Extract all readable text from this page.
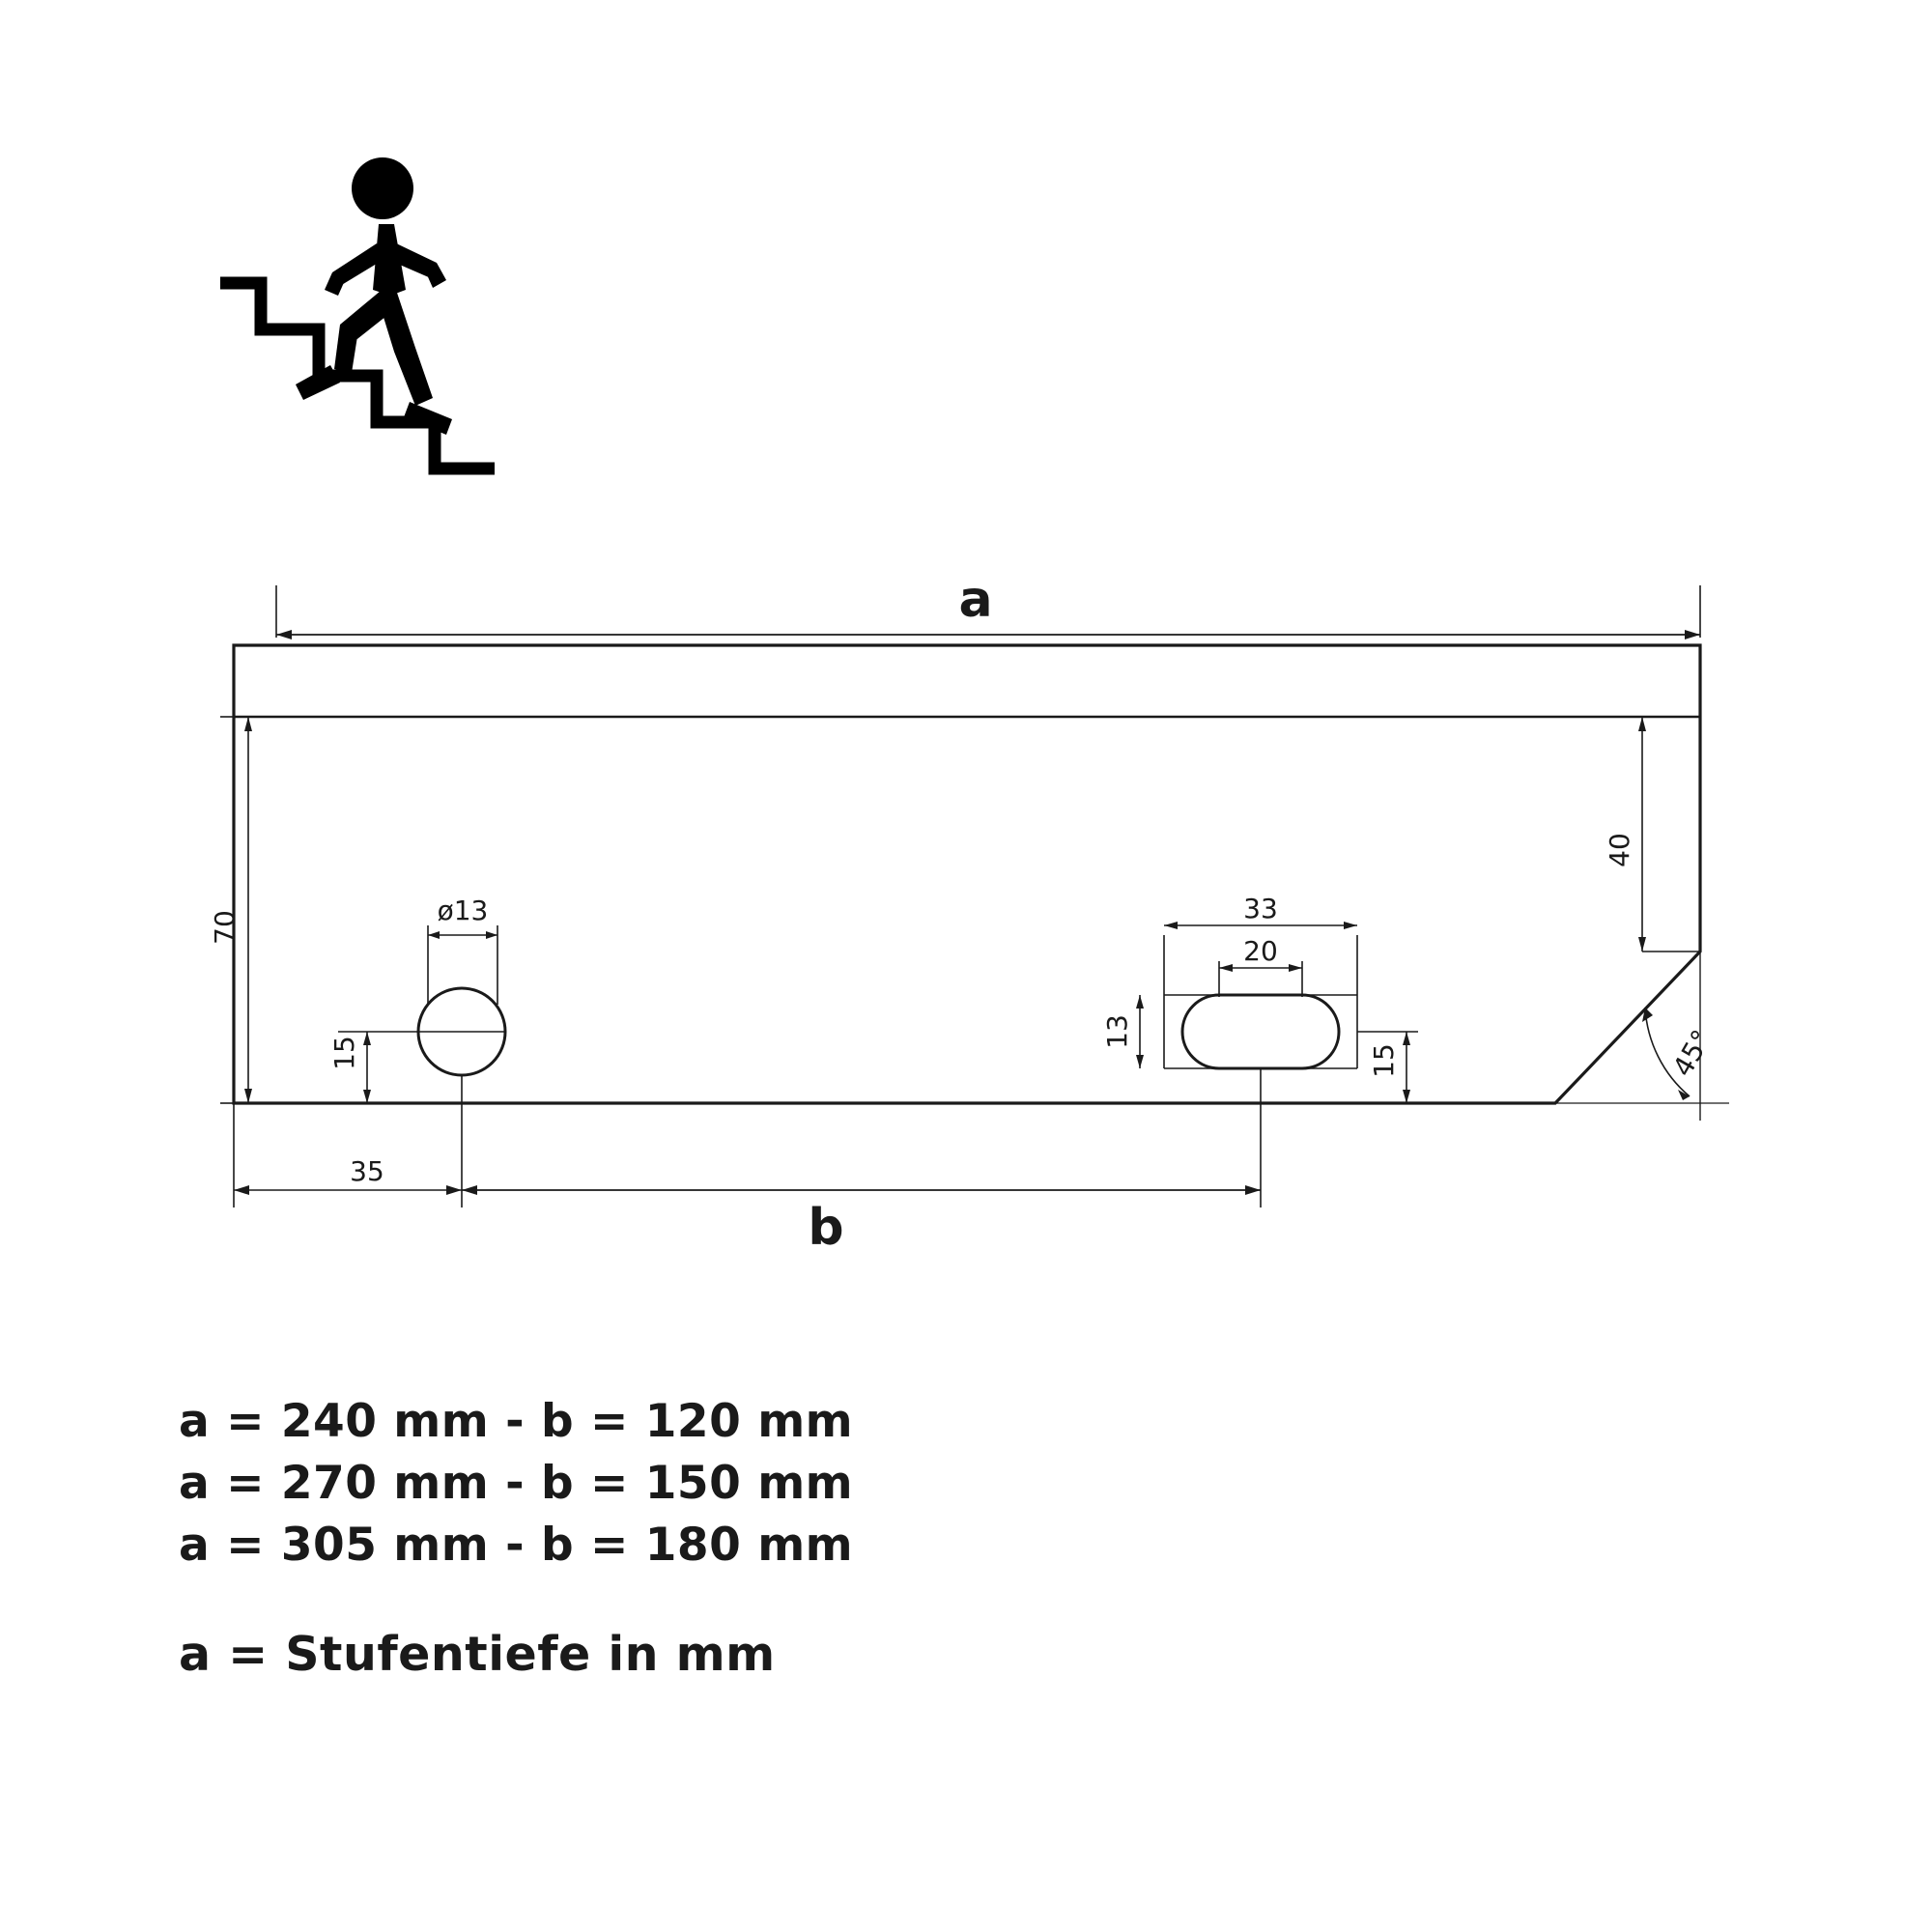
a
b
ø13
70
40
45°
33
20
13
15	15
35
a = 240 mm - b = 120 mm
a = 270 mm - b = 150 mm
a = 305 mm - b = 180 mm
a = Stufentiefe in mm
